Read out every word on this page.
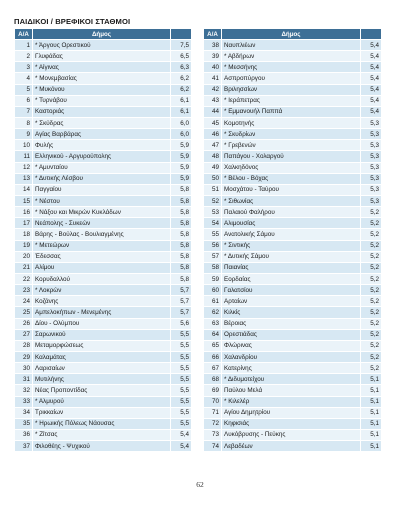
ΠΑΙΔΙΚΟΙ / ΒΡΕΦΙΚΟΙ ΣΤΑΘΜΟΙ
Α/Α	Δήμος	
1	* Άργους Ορεστικού	7,5
2	Γλυφάδας	6,5
3	* Αίγινας	6,3
4	* Μονεμβασίας	6,2
5	* Μυκόνου	6,2
6	* Τυρνάβου	6,1
7	Καστοριάς	6,1
8	* Σκύδρας	6,0
9	Αγίας Βαρβάρας	6,0
10	Φυλής	5,9
11	Ελληνικού - Αργυρούπολης	5,9
12	* Αμυνταίου	5,9
13	* Δυτικής Λέσβου	5,9
14	Παγγαίου	5,8
15	* Νέστου	5,8
16	* Νάξου και Μικρών Κυκλάδων	5,8
17	Νεάπολης - Συκεών	5,8
18	Βάρης - Βούλας - Βουλιαγμένης	5,8
19	* Μετεώρων	5,8
20	Έδεσσας	5,8
21	Αλίμου	5,8
22	Κορυδαλλού	5,8
23	* Λοκρών	5,7
24	Κοζάνης	5,7
25	Αμπελοκήπων - Μενεμένης	5,7
26	Δίου - Ολύμπου	5,6
27	Σαρωνικού	5,5
28	Μεταμορφώσεως	5,5
29	Καλαμάτας	5,5
30	Λαρισαίων	5,5
31	Μυτιλήνης	5,5
32	Νέας Προποντίδας	5,5
33	* Αλμυρού	5,5
34	Τρικκαίων	5,5
35	* Ηρωικής Πόλεως Νάουσας	5,5
36	* Ζίτσας	5,4
37	Φιλοθέης - Ψυχικού	5,4
Α/Α	Δήμος	
38	Ναυπλιέων	5,4
39	* Αβδήρων	5,4
40	* Μεσσήνης	5,4
41	Ασπροπύργου	5,4
42	Βριλησσίων	5,4
43	* Ιεράπετρας	5,4
44	* Εμμανουήλ Παππά	5,4
45	Κομοτηνής	5,3
46	* Σκυδρίων	5,3
47	* Γρεβενών	5,3
48	Παπάγου - Χολαργού	5,3
49	Χαλκηδόνος	5,3
50	* Βέλου - Βόχας	5,3
51	Μοσχάτου - Ταύρου	5,3
52	* Σιθωνίας	5,3
53	Παλαιού Φαλήρου	5,2
54	Αλιμουσίας	5,2
55	Ανατολικής Σάμου	5,2
56	* Σιντικής	5,2
57	* Δυτικής Σάμου	5,2
58	Παιανίας	5,2
59	Εορδαίας	5,2
60	Γαλατσίου	5,2
61	Αρταίων	5,2
62	Κιλκίς	5,2
63	Βέροιας	5,2
64	Ορεστιάδας	5,2
65	Φλώρινας	5,2
66	Χαλανδρίου	5,2
67	Κατερίνης	5,2
68	* Διδυμοτείχου	5,1
69	Παύλου Μελά	5,1
70	* Κιλελέρ	5,1
71	Αγίου Δημητρίου	5,1
72	Κηφισιάς	5,1
73	Λυκόβρυσης - Πεύκης	5,1
74	Λεβαδέων	5,1
62
